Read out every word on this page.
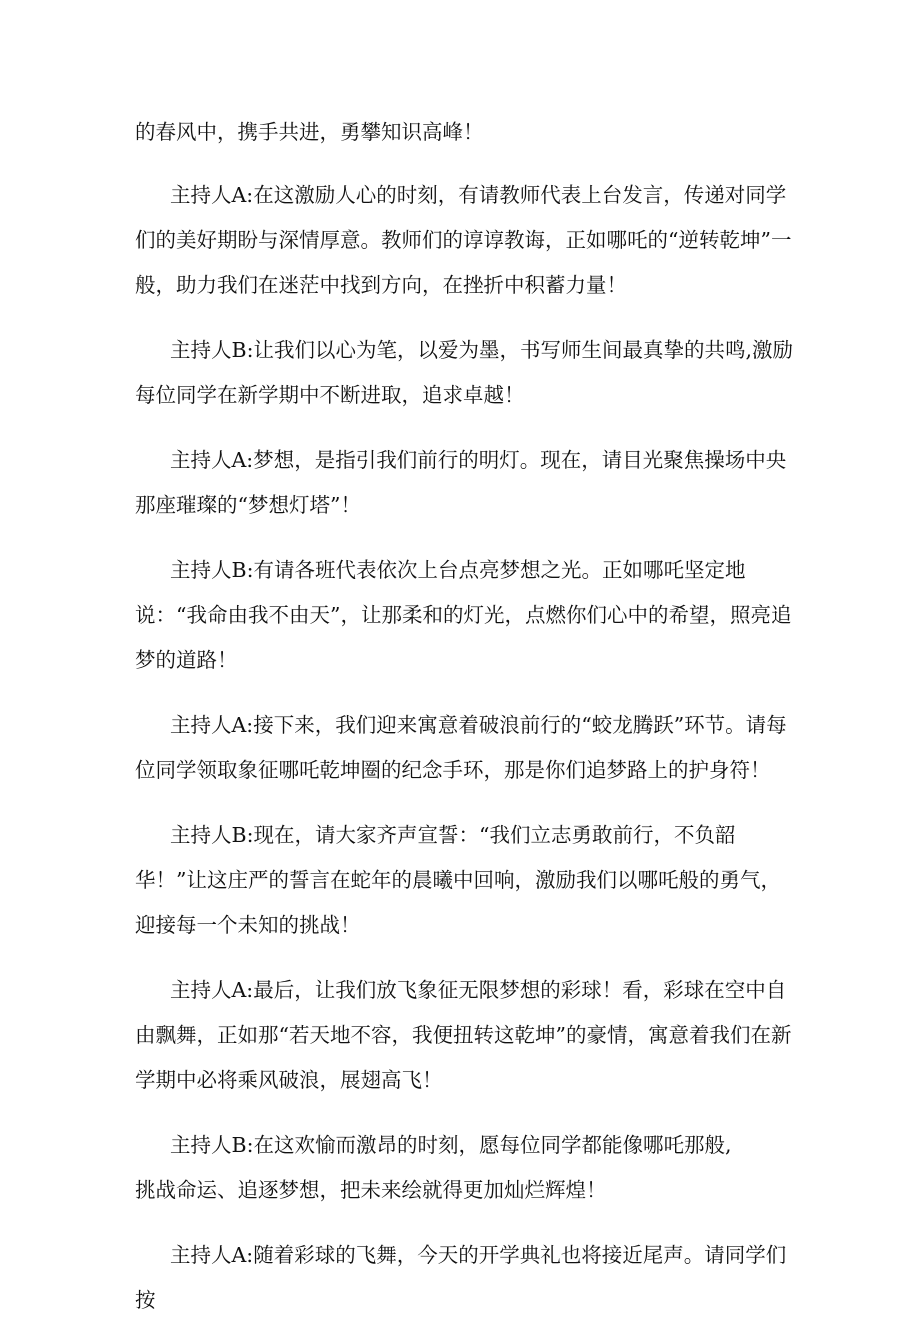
的春风中，携手共进，勇攀知识高峰！

主持人A:在这激励人心的时刻，有请教师代表上台发言，传递对同学们的美好期盼与深情厚意。教师们的谆谆教诲，正如哪吒的“逆转乾坤”一般，助力我们在迷茫中找到方向，在挫折中积蓄力量！

主持人B:让我们以心为笔，以爱为墨，书写师生间最真挚的共鸣,激励每位同学在新学期中不断进取，追求卓越！

主持人A:梦想，是指引我们前行的明灯。现在，请目光聚焦操场中央那座璀璨的“梦想灯塔”！

主持人B:有请各班代表依次上台点亮梦想之光。正如哪吒坚定地说：“我命由我不由天”，让那柔和的灯光，点燃你们心中的希望，照亮追梦的道路！

主持人A:接下来，我们迎来寓意着破浪前行的“蛟龙腾跃”环节。请每位同学领取象征哪吒乾坤圈的纪念手环，那是你们追梦路上的护身符！

主持人B:现在，请大家齐声宣誓：“我们立志勇敢前行，不负韶华！”让这庄严的誓言在蛇年的晨曦中回响，激励我们以哪吒般的勇气，迎接每一个未知的挑战！

主持人A:最后，让我们放飞象征无限梦想的彩球！看，彩球在空中自由飘舞，正如那“若天地不容，我便扭转这乾坤”的豪情，寓意着我们在新学期中必将乘风破浪，展翅高飞！

主持人B:在这欢愉而激昂的时刻，愿每位同学都能像哪吒那般,
挑战命运、追逐梦想，把未来绘就得更加灿烂辉煌！

主持人A:随着彩球的飞舞，今天的开学典礼也将接近尾声。请同学们按
